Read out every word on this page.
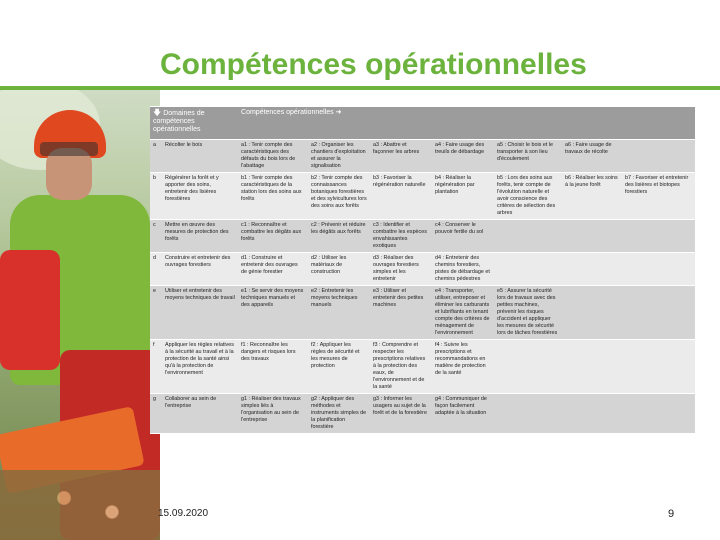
Compétences opérationnelles
🡇 Domaines de compétences opérationnelles		Compétences opérationnelles ➜						
a	Récolter le bois	a1 : Tenir compte des caractéristiques des défauts du bois lors de l'abattage	a2 : Organiser les chantiers d'exploitation et assurer la signalisation	a3 : Abattre et façonner les arbres	a4 : Faire usage des treuils de débardage	a5 : Choisir le bois et le transporter à son lieu d'écoulement	a6 : Faire usage de travaux de récolte	
b	Régénérer la forêt et y apporter des soins, entretenir des lisières forestières	b1 : Tenir compte des caractéristiques de la station lors des soins aux forêts	b2 : Tenir compte des connaissances botaniques forestières et des sylvicultures lors des soins aux forêts	b3 : Favoriser la régénération naturelle	b4 : Réaliser la régénération par plantation	b5 : Lors des soins aux forêts, tenir compte de l'évolution naturelle et avoir conscience des critères de sélection des arbres	b6 : Réaliser les soins à la jeune forêt	b7 : Favoriser et entretenir des lisières et biotopes forestiers
c	Mettre en œuvre des mesures de protection des forêts	c1 : Reconnaître et combattre les dégâts aux forêts	c2 : Prévenir et réduire les dégâts aux forêts	c3 : Identifier et combattre les espèces envahissantes exotiques	c4 : Conserver le pouvoir fertile du sol			
d	Construire et entretenir des ouvrages forestiers	d1 : Construire et entretenir des ouvrages de génie forestier	d2 : Utiliser les matériaux de construction	d3 : Réaliser des ouvrages forestiers simples et les entretenir	d4 : Entretenir des chemins forestiers, pistes de débardage et chemins pédestres			
e	Utiliser et entretenir des moyens techniques de travail	e1 : Se servir des moyens techniques manuels et des appareils	e2 : Entretenir les moyens techniques manuels	e3 : Utiliser et entretenir des petites machines	e4 : Transporter, utiliser, entreposer et éliminer les carburants et lubrifiants en tenant compte des critères de ménagement de l'environnement	e5 : Assurer la sécurité lors de travaux avec des petites machines, prévenir les risques d'accident et appliquer les mesures de sécurité lors de tâches forestières		
f	Appliquer les règles relatives à la sécurité au travail et à la protection de la santé ainsi qu'à la protection de l'environnement	f1 : Reconnaître les dangers et risques lors des travaux	f2 : Appliquer les règles de sécurité et les mesures de protection	f3 : Comprendre et respecter les prescriptions relatives à la protection des eaux, de l'environnement et de la santé	f4 : Suivre les prescriptions et recommandations en matière de protection de la santé			
g	Collaborer au sein de l'entreprise	g1 : Réaliser des travaux simples liés à l'organisation au sein de l'entreprise	g2 : Appliquer des méthodes et instruments simples de la planification forestière	g3 : Informer les usagers au sujet de la forêt et de la forestière	g4 : Communiquer de façon facilement adaptée à la situation			
15.09.2020	9
